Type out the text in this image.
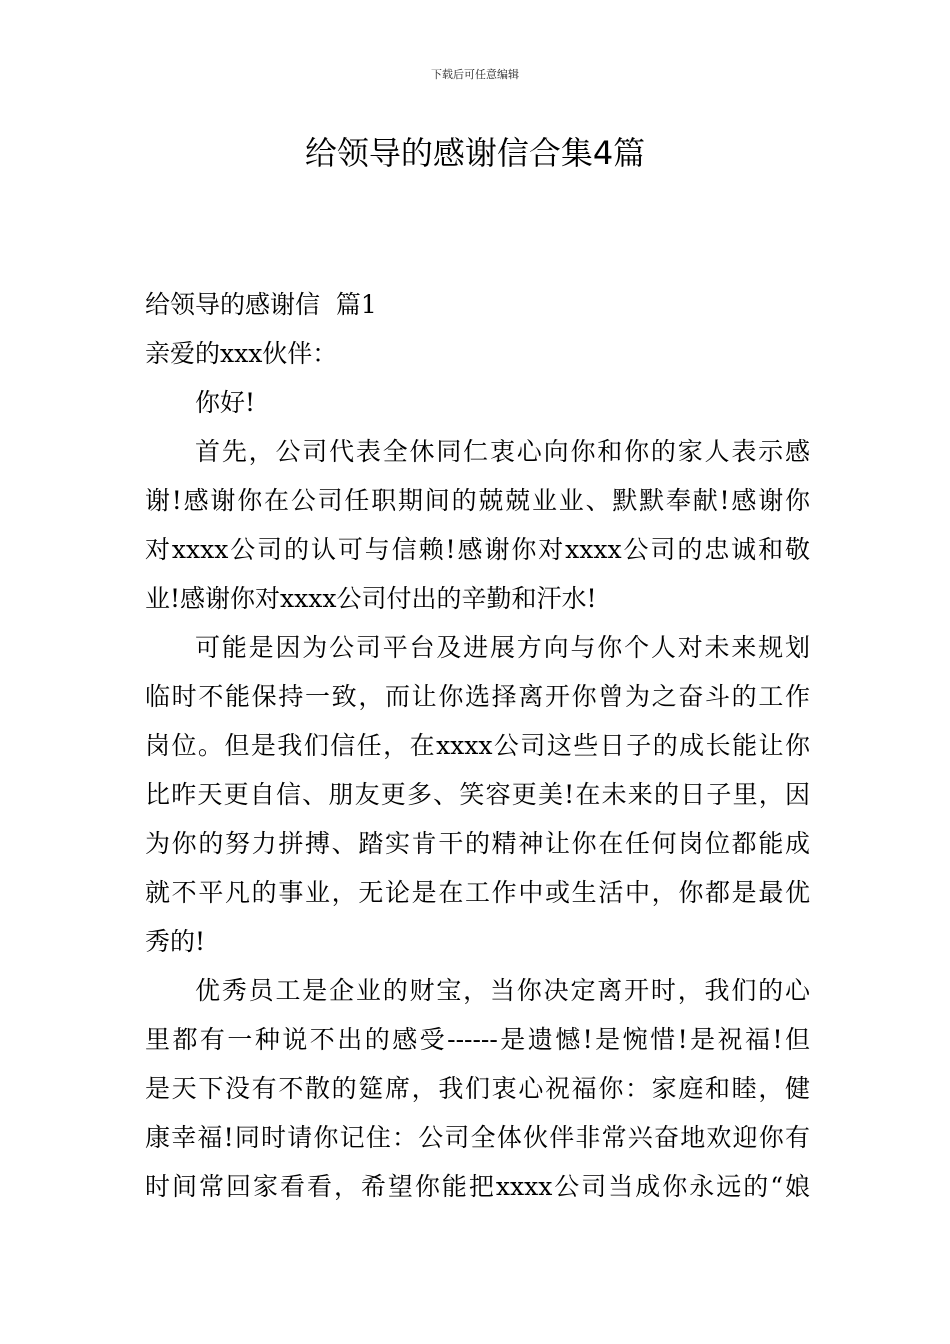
下载后可任意编辑
给领导的感谢信合集4篇
给领导的感谢信  篇1
亲爱的xxx伙伴：
你好!
首先，公司代表全休同仁衷心向你和你的家人表示感
谢!感谢你在公司任职期间的兢兢业业、默默奉献!感谢你
对xxxx公司的认可与信赖!感谢你对xxxx公司的忠诚和敬
业!感谢你对xxxx公司付出的辛勤和汗水!
可能是因为公司平台及进展方向与你个人对未来规划
临时不能保持一致，而让你选择离开你曾为之奋斗的工作
岗位。但是我们信任，在xxxx公司这些日子的成长能让你
比昨天更自信、朋友更多、笑容更美!在未来的日子里，因
为你的努力拼搏、踏实肯干的精神让你在任何岗位都能成
就不平凡的事业，无论是在工作中或生活中，你都是最优
秀的!
优秀员工是企业的财宝，当你决定离开时，我们的心
里都有一种说不出的感受------是遗憾!是惋惜!是祝福!但
是天下没有不散的筵席，我们衷心祝福你：家庭和睦，健
康幸福!同时请你记住：公司全体伙伴非常兴奋地欢迎你有
时间常回家看看，希望你能把xxxx公司当成你永远的“娘
